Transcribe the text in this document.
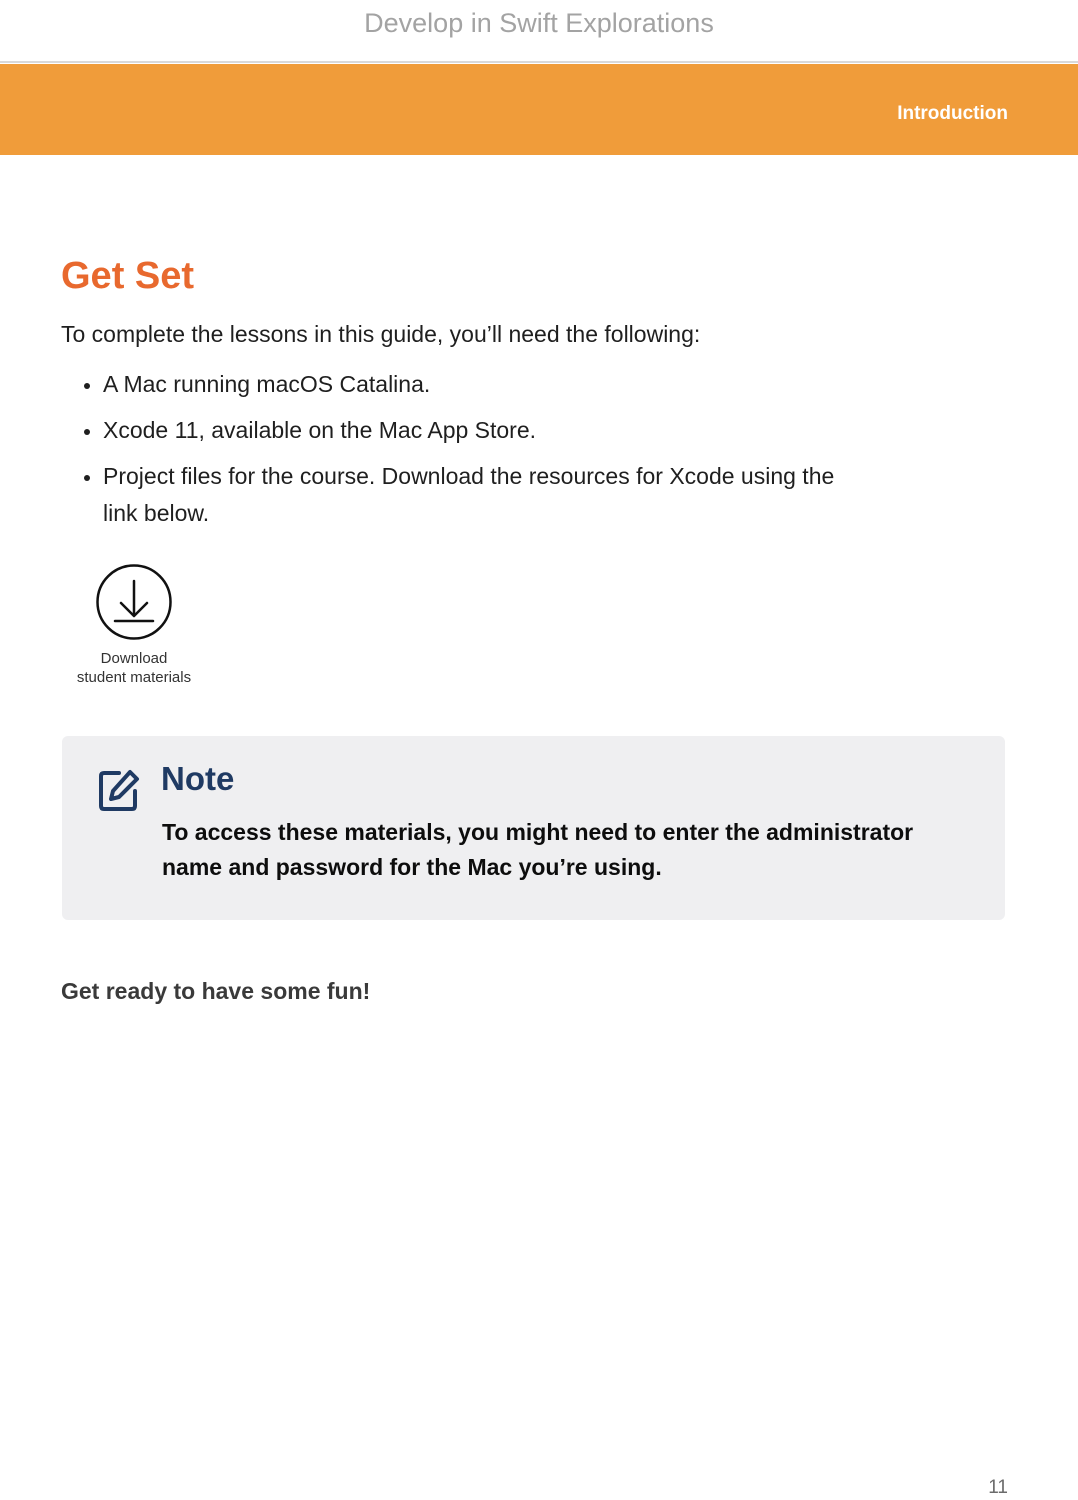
Develop in Swift Explorations
Introduction
Get Set

To complete the lessons in this guide, you’ll need the following:

A Mac running macOS Catalina.
Xcode 11, available on the Mac App Store.
Project files for the course. Download the resources for Xcode using the link below.
Download
student materials
Note

To access these materials, you might need to enter the administrator name and password for the Mac you’re using.

Get ready to have some fun!

11
